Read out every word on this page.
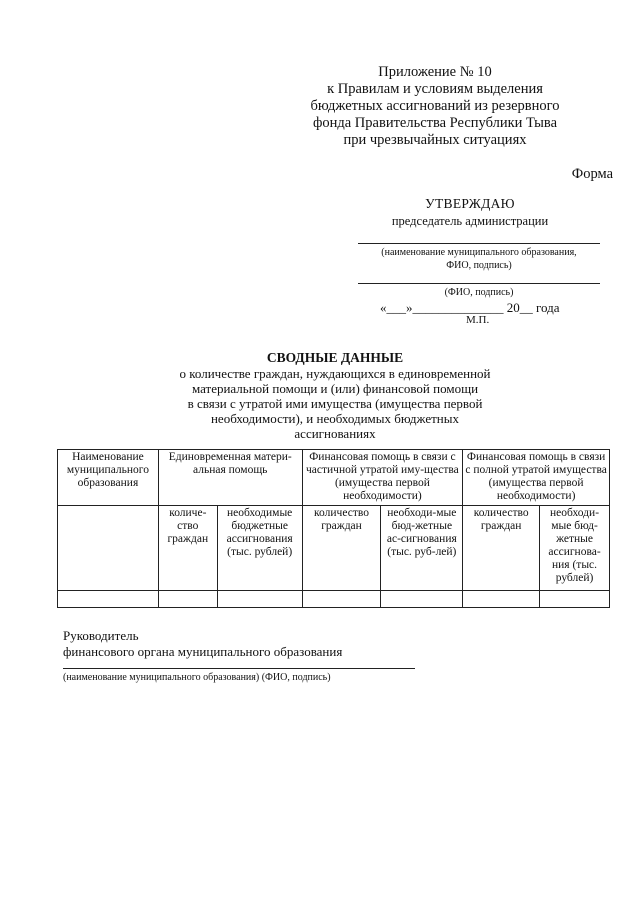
Приложение № 10
к Правилам и условиям выделения
бюджетных ассигнований из резервного
фонда Правительства Республики Тыва
при чрезвычайных ситуациях
Форма
УТВЕРЖДАЮ
председатель администрации
(наименование муниципального образования,
ФИО, подпись)
(ФИО, подпись)
«___»______________ 20__ года
М.П.
СВОДНЫЕ ДАННЫЕ
о количестве граждан, нуждающихся в единовременной
материальной помощи и (или) финансовой помощи
в связи с утратой ими имущества (имущества первой
необходимости), и необходимых бюджетных ассигнованиях
Наименование муниципального образования	Единовременная матери-альная помощь		Финансовая помощь в связи с частичной утратой иму-щества (имущества первой необходимости)		Финансовая помощь в связи с полной утратой имущества (имущества первой необходимости)	
	количе-ство граждан	необходимые бюджетные ассигнования (тыс. рублей)	количество граждан	необходи-мые бюд-жетные ас-сигнования (тыс. руб-лей)	количество граждан	необходи-мые бюд-жетные ассигнова-ния (тыс. рублей)

Руководитель
финансового органа муниципального образования
(наименование муниципального образования) (ФИО, подпись)
